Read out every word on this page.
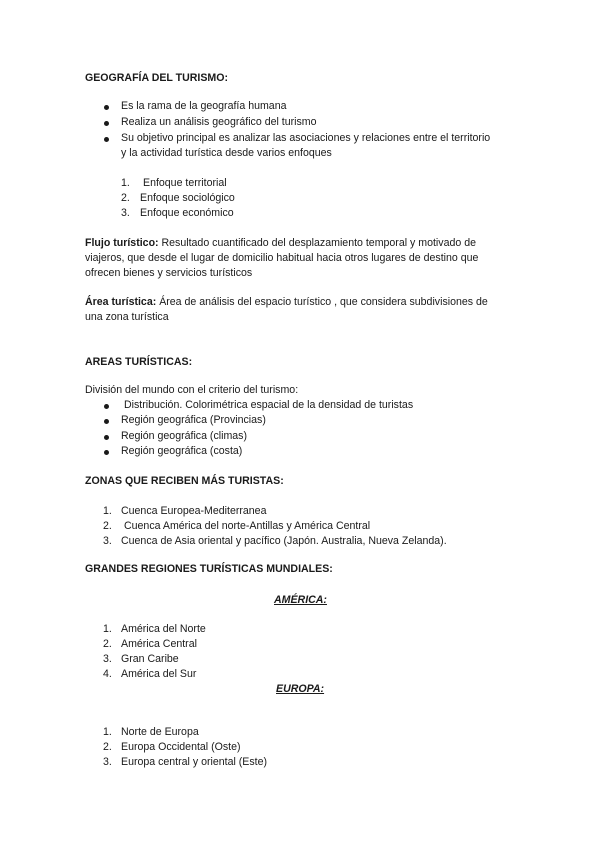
GEOGRAFÍA DEL TURISMO:
Es la rama de la geografía humana
Realiza un análisis geográfico del turismo
Su objetivo principal es analizar las asociaciones y relaciones entre el territorio
y la actividad turística desde varios enfoques
1. Enfoque territorial
2. Enfoque sociológico
3. Enfoque económico
Flujo turístico: Resultado cuantificado del desplazamiento temporal y motivado de
viajeros, que desde el lugar de domicilio habitual hacia otros lugares de destino que
ofrecen bienes y servicios turísticos
Área turística: Área de análisis del espacio turístico , que considera subdivisiones de
una zona turística
AREAS TURÍSTICAS:
División del mundo con el criterio del turismo:
Distribución. Colorimétrica espacial de la densidad de turistas
Región geográfica (Provincias)
Región geográfica (climas)
Región geográfica (costa)
ZONAS QUE RECIBEN MÁS TURISTAS:
1. Cuenca Europea-Mediterranea
2. Cuenca América del norte-Antillas y América Central
3. Cuenca de Asia oriental y pacífico (Japón. Australia, Nueva Zelanda).
GRANDES REGIONES TURÍSTICAS MUNDIALES:
AMÉRICA:
1. América del Norte
2. América Central
3. Gran Caribe
4. América del Sur
EUROPA:
1. Norte de Europa
2. Europa Occidental (Oste)
3. Europa central y oriental (Este)
